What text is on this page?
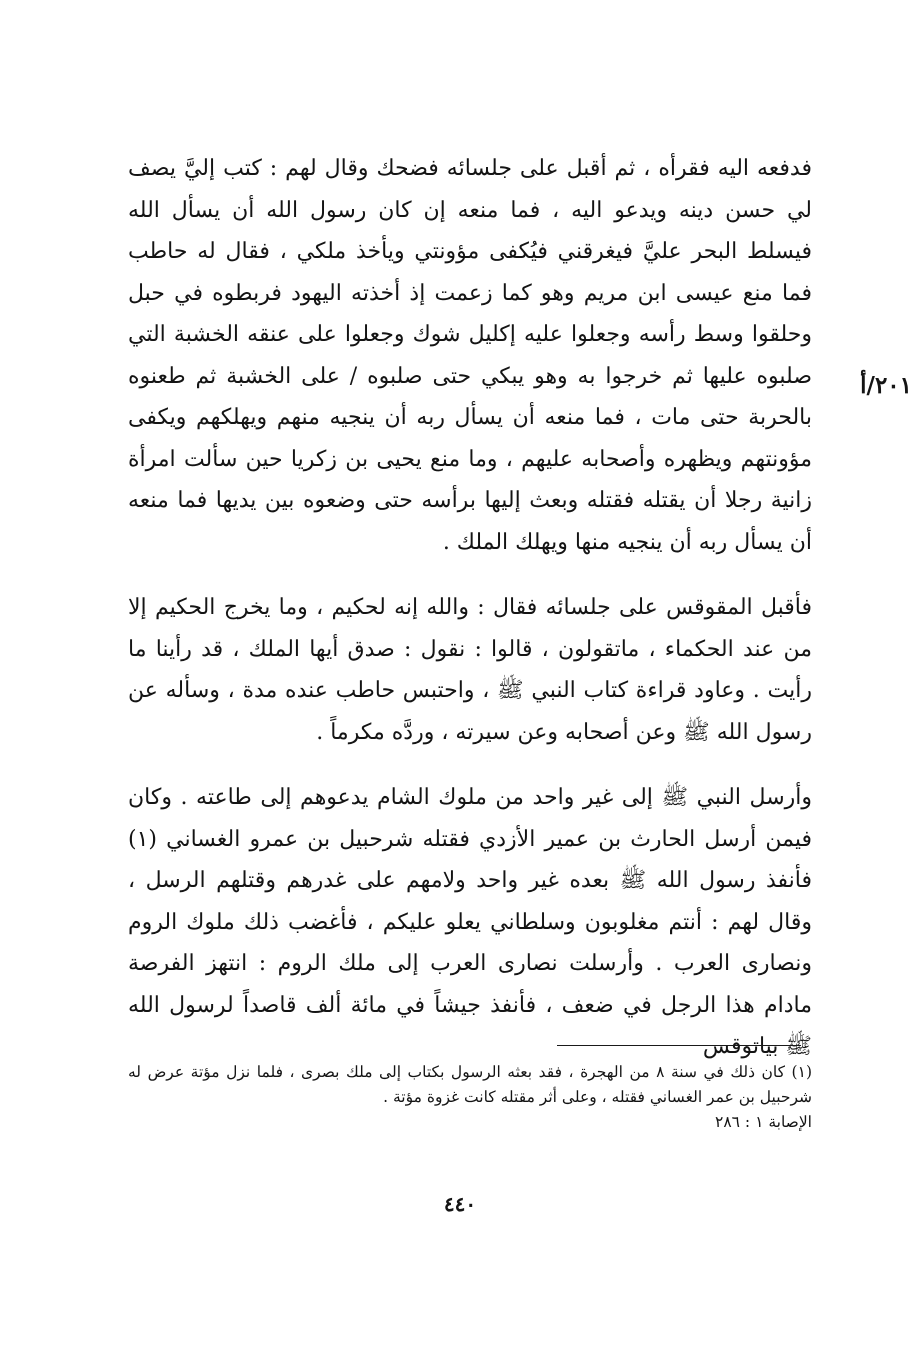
٢٠١/أ

فدفعه اليه فقرأه ، ثم أقبل على جلسائه فضحك وقال لهم : كتب إليَّ يصف لي حسن دينه ويدعو اليه ، فما منعه إن كان رسول الله أن يسأل الله فيسلط البحر عليَّ فيغرقني فيُكفى مؤونتي ويأخذ ملكي ، فقال له حاطب فما منع عيسى ابن مريم وهو كما زعمت إذ أخذته اليهود فربطوه في حبل وحلقوا وسط رأسه وجعلوا عليه إكليل شوك وجعلوا على عنقه الخشبة التي صلبوه عليها ثم خرجوا به وهو يبكي حتى صلبوه / على الخشبة ثم طعنوه بالحربة حتى مات ، فما منعه أن يسأل ربه أن ينجيه منهم ويهلكهم ويكفى مؤونتهم ويظهره وأصحابه عليهم ، وما منع يحيى بن زكريا حين سألت امرأة زانية رجلا أن يقتله فقتله وبعث إليها برأسه حتى وضعوه بين يديها فما منعه أن يسأل ربه أن ينجيه منها ويهلك الملك .

فأقبل المقوقس على جلسائه فقال : والله إنه لحكيم ، وما يخرج الحكيم إلا من عند الحكماء ، ماتقولون ، قالوا : نقول : صدق أيها الملك ، قد رأينا ما رأيت . وعاود قراءة كتاب النبي ﷺ ، واحتبس حاطب عنده مدة ، وسأله عن رسول الله ﷺ وعن أصحابه وعن سيرته ، وردَّه مكرماً .

وأرسل النبي ﷺ إلى غير واحد من ملوك الشام يدعوهم إلى طاعته . وكان فيمن أرسل الحارث بن عمير الأزدي فقتله شرحبيل بن عمرو الغساني (١) فأنفذ رسول الله ﷺ بعده غير واحد ولامهم على غدرهم وقتلهم الرسل ، وقال لهم : أنتم مغلوبون وسلطاني يعلو عليكم ، فأغضب ذلك ملوك الروم ونصارى العرب . وأرسلت نصارى العرب إلى ملك الروم : انتهز الفرصة مادام هذا الرجل في ضعف ، فأنفذ جيشاً في مائة ألف قاصداً لرسول الله ﷺ بياتوقس

(١) كان ذلك في سنة ٨ من الهجرة ، فقد بعثه الرسول بكتاب إلى ملك بصرى ، فلما نزل مؤتة عرض له شرحبيل بن عمر الغساني فقتله ، وعلى أثر مقتله كانت غزوة مؤتة .

الإصابة ١ : ٢٨٦

٤٤٠
